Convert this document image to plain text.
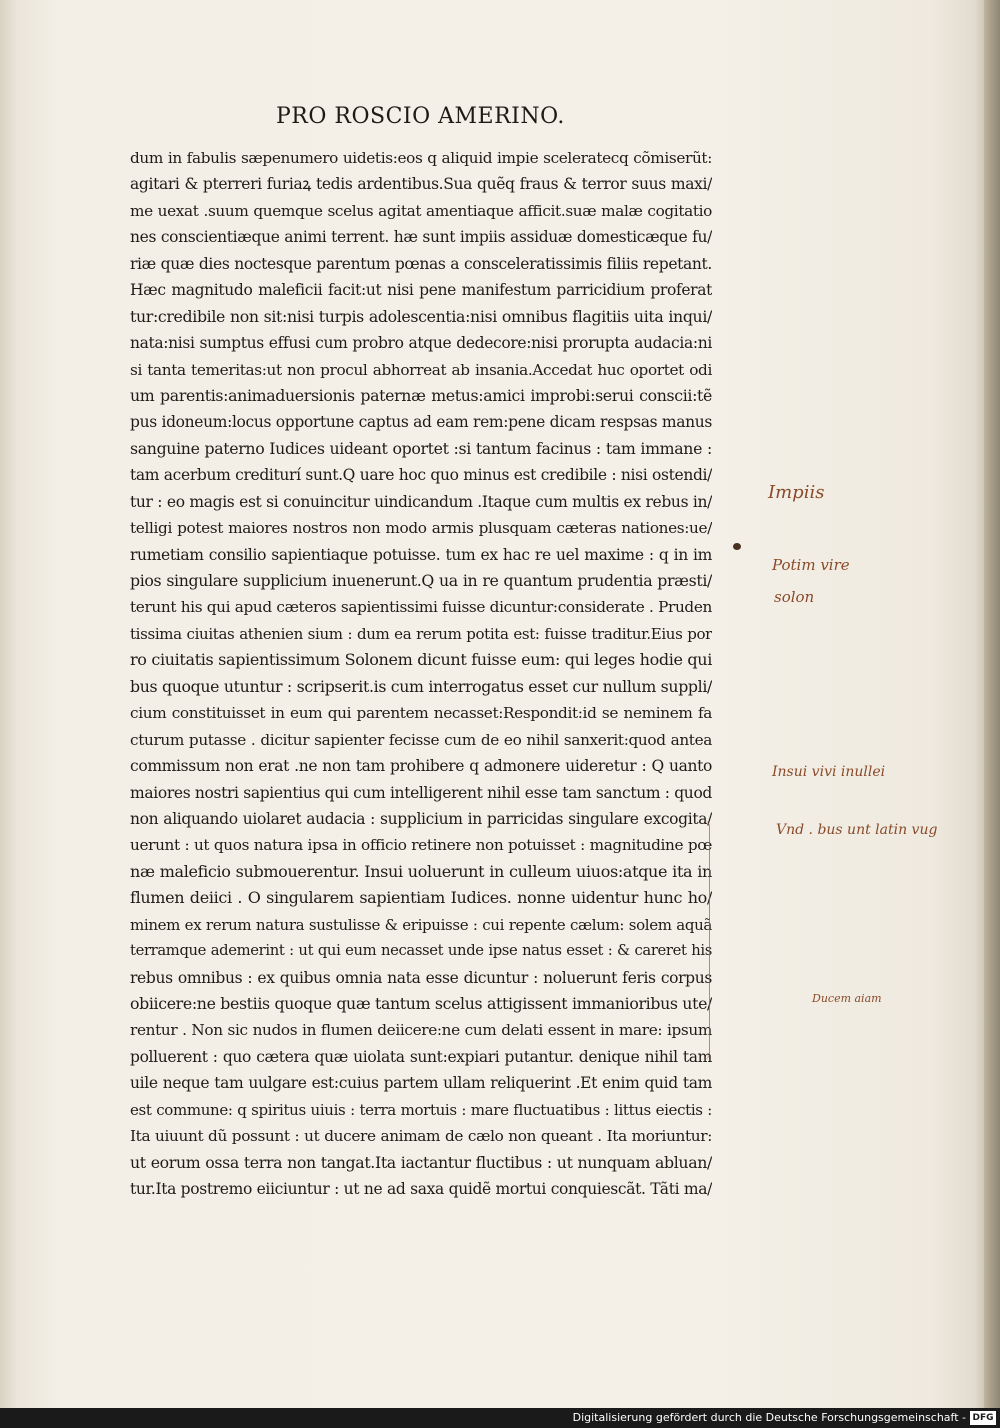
PRO ROSCIO AMERINO.
dum in fabulis sæpenumero uidetis:eos q aliquid impie sceleratecq cõmiserũt:
agitari & pterreri furiaꝝ tedis ardentibus.Sua quẽq fraus & terror suus maxi/
me uexat .suum quemque scelus agitat amentiaque afficit.suæ malæ cogitatio
nes conscientiæque animi terrent. hæ sunt impiis assiduæ domesticæque fu/
riæ quæ dies noctesque parentum pœnas a consceleratissimis filiis repetant.
Hæc magnitudo maleficii facit:ut nisi pene manifestum parricidium proferat
tur:credibile non sit:nisi turpis adolescentia:nisi omnibus flagitiis uita inqui/
nata:nisi sumptus effusi cum probro atque dedecore:nisi prorupta audacia:ni
si tanta temeritas:ut non procul abhorreat ab insania.Accedat huc oportet odi
um parentis:animaduersionis paternæ metus:amici improbi:serui conscii:tẽ
pus idoneum:locus opportune captus ad eam rem:pene dicam respsas manus
sanguine paterno Iudices uideant oportet :si tantum facinus : tam immane :
tam acerbum crediturí sunt.Q uare hoc quo minus est credibile : nisi ostendi/
tur : eo magis est si conuincitur uindicandum .Itaque cum multis ex rebus in/
telligi potest maiores nostros non modo armis plusquam cæteras nationes:ue/
rumetiam consilio sapientiaque potuisse. tum ex hac re uel maxime : q in im
pios singulare supplicium inuenerunt.Q ua in re quantum prudentia præsti/
terunt his qui apud cæteros sapientissimi fuisse dicuntur:considerate . Pruden
tissima ciuitas athenien sium : dum ea rerum potita est: fuisse traditur.Eius por
ro ciuitatis sapientissimum Solonem dicunt fuisse eum: qui leges hodie qui
bus quoque utuntur : scripserit.is cum interrogatus esset cur nullum suppli/
cium constituisset in eum qui parentem necasset:Respondit:id se neminem fa
cturum putasse . dicitur sapienter fecisse cum de eo nihil sanxerit:quod antea
commissum non erat .ne non tam prohibere q admonere uideretur : Q uanto
maiores nostri sapientius qui cum intelligerent nihil esse tam sanctum : quod
non aliquando uiolaret audacia : supplicium in parricidas singulare excogita/
uerunt : ut quos natura ipsa in officio retinere non potuisset : magnitudine pœ
næ maleficio submouerentur. Insui uoluerunt in culleum uiuos:atque ita in
flumen deiici . O singularem sapientiam Iudices. nonne uidentur hunc ho/
minem ex rerum natura sustulisse & eripuisse : cui repente cælum: solem aquã
terramque ademerint : ut qui eum necasset unde ipse natus esset : & careret his
rebus omnibus : ex quibus omnia nata esse dicuntur : noluerunt feris corpus
obiicere:ne bestiis quoque quæ tantum scelus attigissent immanioribus ute/
rentur . Non sic nudos in flumen deiicere:ne cum delati essent in mare: ipsum
polluerent : quo cætera quæ uiolata sunt:expiari putantur. denique nihil tam
uile neque tam uulgare est:cuius partem ullam reliquerint .Et enim quid tam
est commune: q spiritus uiuis : terra mortuis : mare fluctuatibus : littus eiectis :
Ita uiuunt dũ possunt : ut ducere animam de cælo non queant . Ita moriuntur:
ut eorum ossa terra non tangat.Ita iactantur fluctibus : ut nunquam abluan/
tur.Ita postremo eiiciuntur : ut ne ad saxa quidẽ mortui conquiescãt. Tãti ma/
Impiis
Potim vire
solon
Insui vivi inullei
Vnd . bus unt latin vug
Ducem aiam
Digitalisierung gefördert durch die Deutsche Forschungsgemeinschaft - DFG
